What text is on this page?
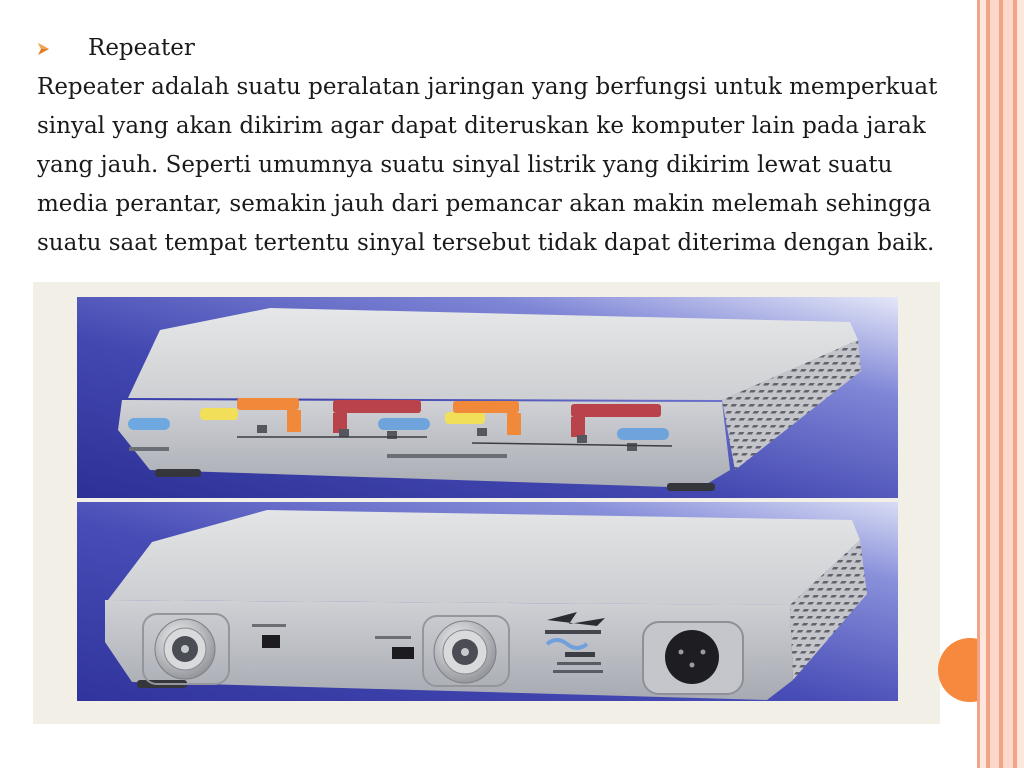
Repeater
Repeater adalah suatu peralatan jaringan yang berfungsi untuk memperkuat
sinyal yang akan dikirim agar dapat diteruskan ke komputer lain pada jarak
yang jauh. Seperti umumnya suatu sinyal listrik yang dikirim lewat suatu
media perantar, semakin jauh dari pemancar akan makin melemah sehingga
suatu saat tempat tertentu sinyal tersebut tidak dapat diterima dengan baik.
